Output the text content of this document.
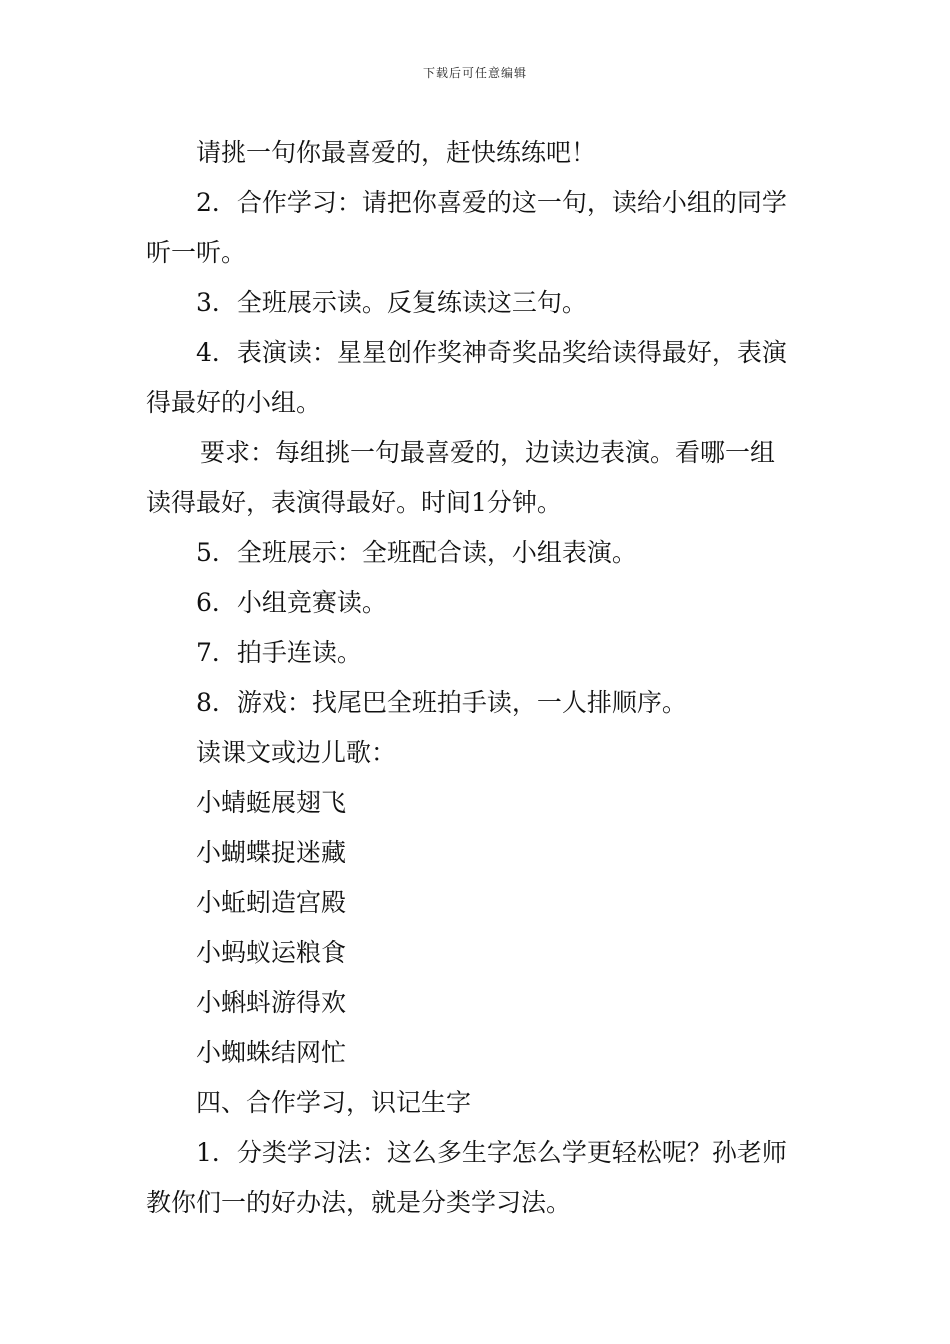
下载后可任意编辑

请挑一句你最喜爱的，赶快练练吧！

2．合作学习：请把你喜爱的这一句，读给小组的同学

听一听。

3．全班展示读。反复练读这三句。

4．表演读：星星创作奖神奇奖品奖给读得最好，表演

得最好的小组。

要求：每组挑一句最喜爱的，边读边表演。看哪一组

读得最好，表演得最好。时间1分钟。

5．全班展示：全班配合读，小组表演。

6．小组竞赛读。

7．拍手连读。

8．游戏：找尾巴全班拍手读，一人排顺序。

读课文或边儿歌：

小蜻蜓展翅飞

小蝴蝶捉迷藏

小蚯蚓造宫殿

小蚂蚁运粮食

小蝌蚪游得欢

小蜘蛛结网忙

四、合作学习，识记生字

1．分类学习法：这么多生字怎么学更轻松呢？孙老师

教你们一的好办法，就是分类学习法。
